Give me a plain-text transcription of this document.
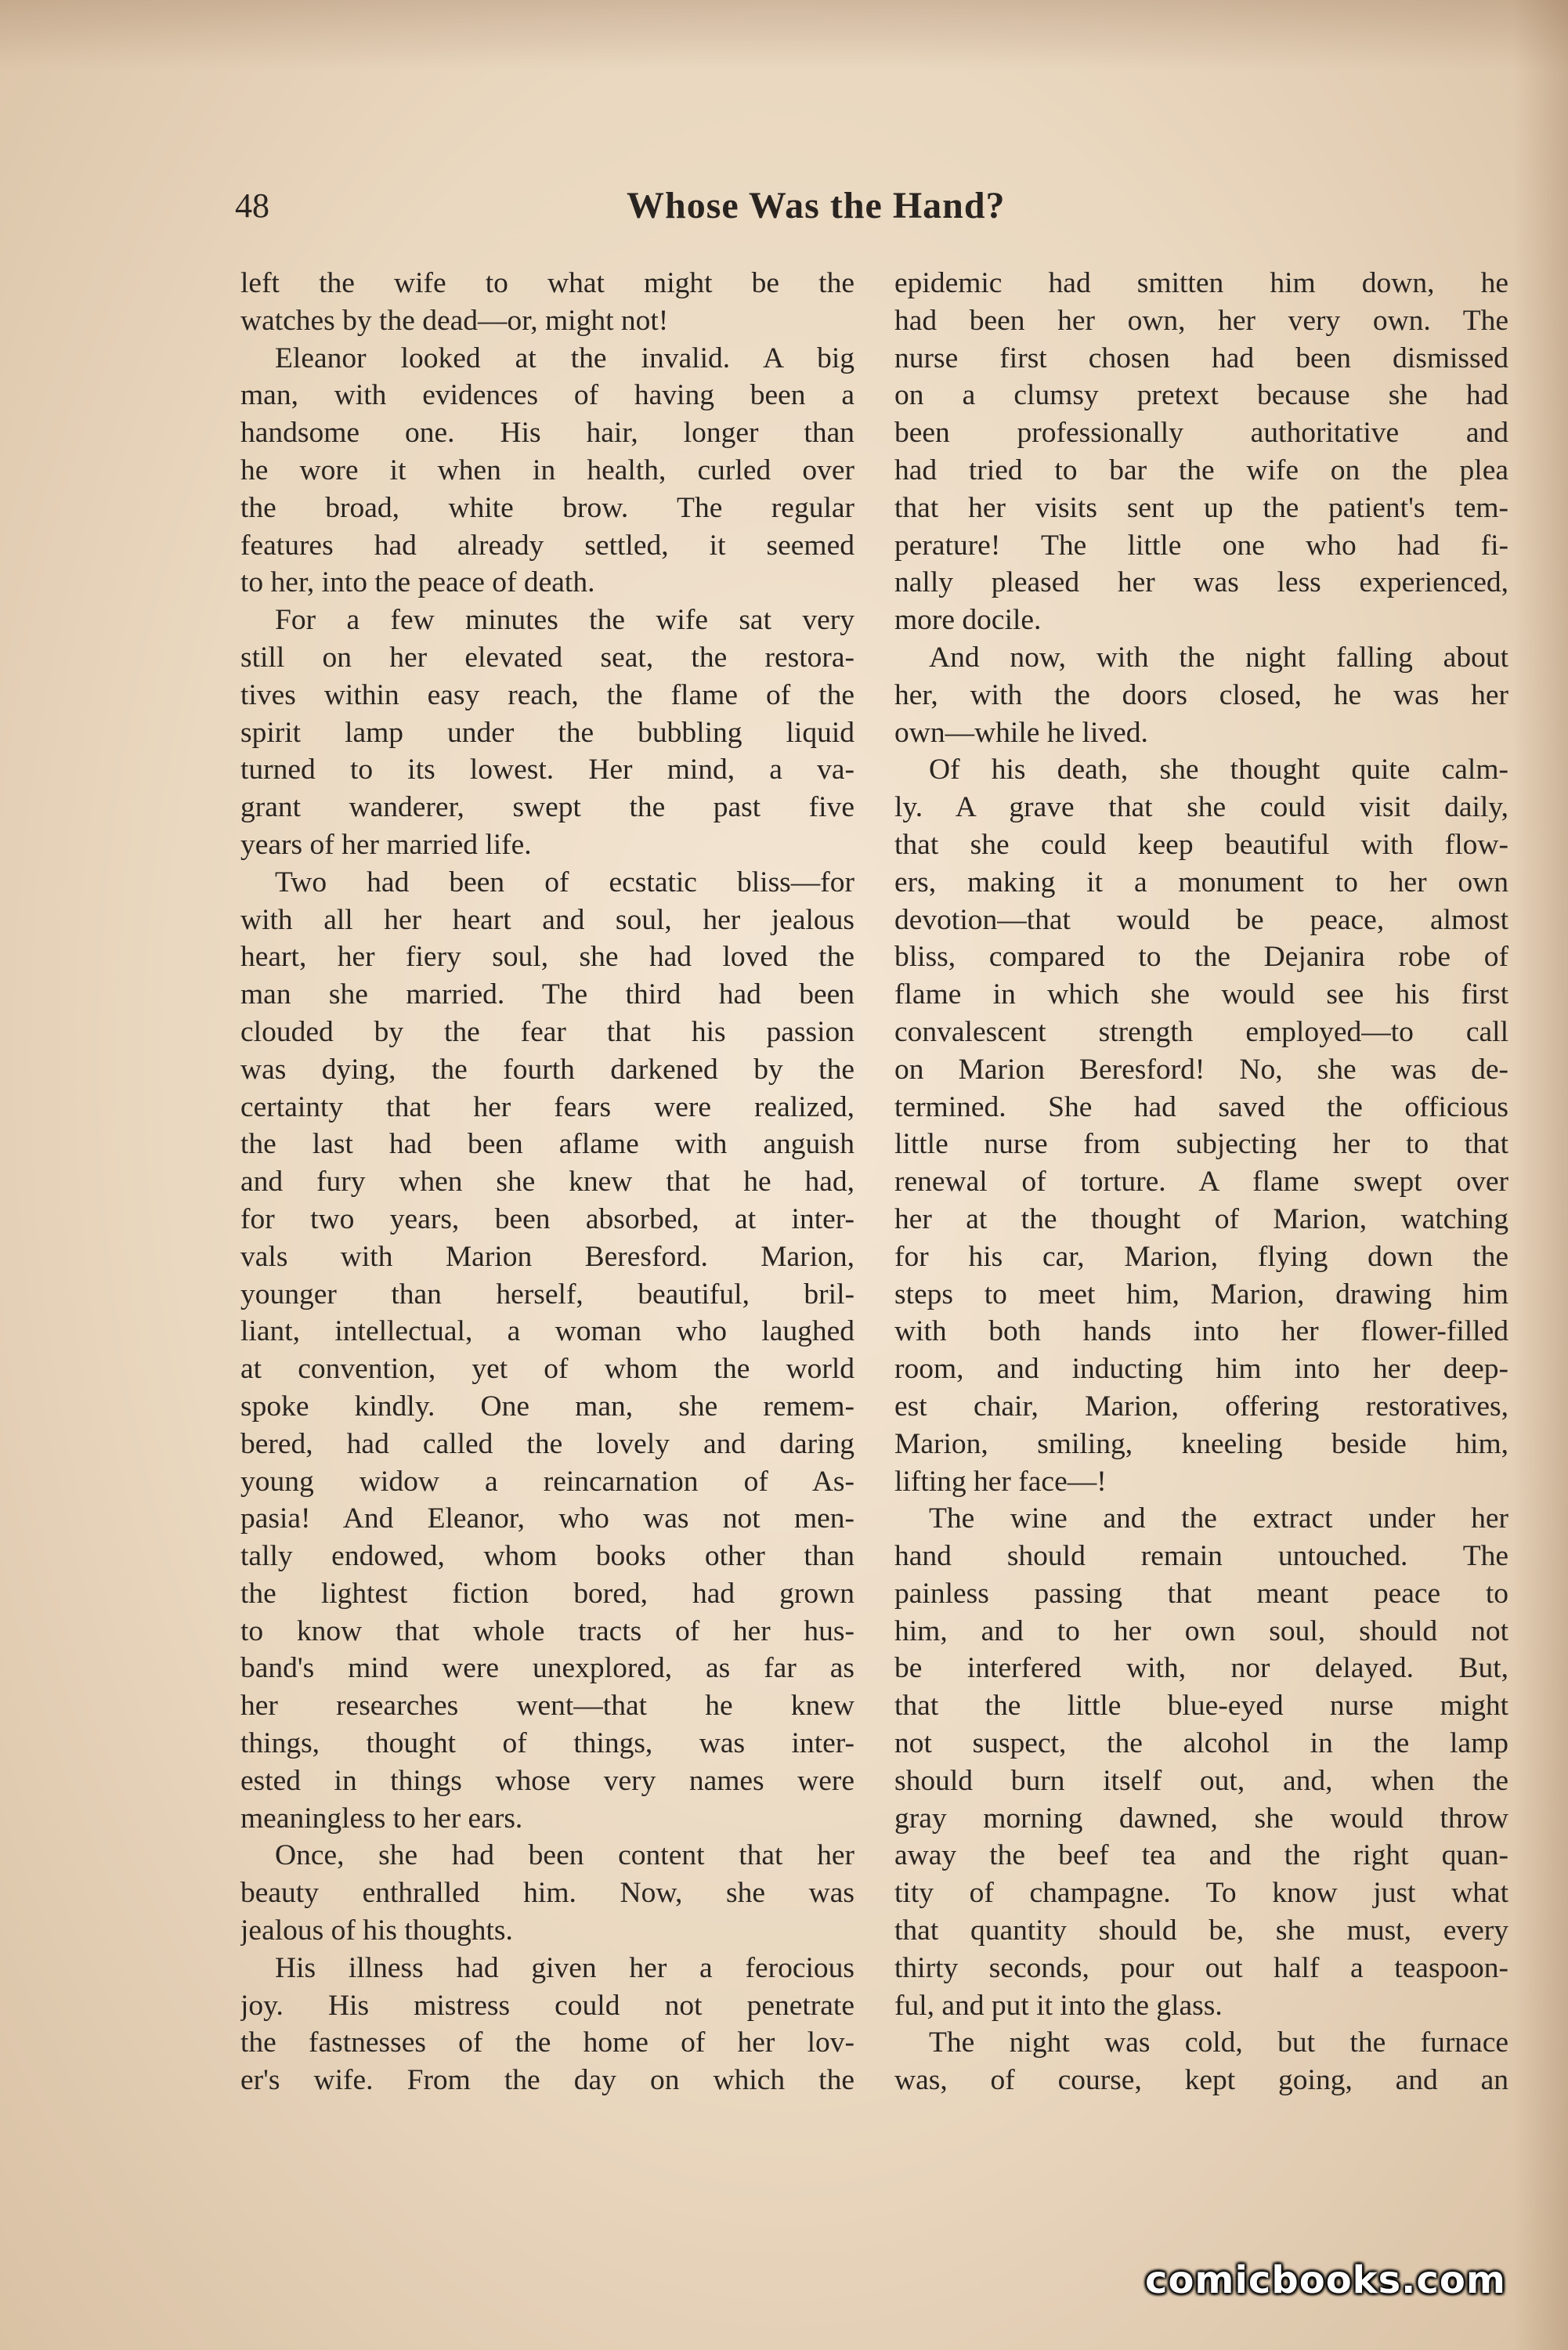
48	Whose Was the Hand?
left the wife to what might be the
watches by the dead—or, might not!
Eleanor looked at the invalid. A big
man, with evidences of having been a
handsome one. His hair, longer than
he wore it when in health, curled over
the broad, white brow. The regular
features had already settled, it seemed
to her, into the peace of death.
For a few minutes the wife sat very
still on her elevated seat, the restora-
tives within easy reach, the flame of the
spirit lamp under the bubbling liquid
turned to its lowest. Her mind, a va-
grant wanderer, swept the past five
years of her married life.
Two had been of ecstatic bliss—for
with all her heart and soul, her jealous
heart, her fiery soul, she had loved the
man she married. The third had been
clouded by the fear that his passion
was dying, the fourth darkened by the
certainty that her fears were realized,
the last had been aflame with anguish
and fury when she knew that he had,
for two years, been absorbed, at inter-
vals with Marion Beresford. Marion,
younger than herself, beautiful, bril-
liant, intellectual, a woman who laughed
at convention, yet of whom the world
spoke kindly. One man, she remem-
bered, had called the lovely and daring
young widow a reincarnation of As-
pasia! And Eleanor, who was not men-
tally endowed, whom books other than
the lightest fiction bored, had grown
to know that whole tracts of her hus-
band's mind were unexplored, as far as
her researches went—that he knew
things, thought of things, was inter-
ested in things whose very names were
meaningless to her ears.
Once, she had been content that her
beauty enthralled him. Now, she was
jealous of his thoughts.
His illness had given her a ferocious
joy. His mistress could not penetrate
the fastnesses of the home of her lov-
er's wife. From the day on which the
epidemic had smitten him down, he
had been her own, her very own. The
nurse first chosen had been dismissed
on a clumsy pretext because she had
been professionally authoritative and
had tried to bar the wife on the plea
that her visits sent up the patient's tem-
perature! The little one who had fi-
nally pleased her was less experienced,
more docile.
And now, with the night falling about
her, with the doors closed, he was her
own—while he lived.
Of his death, she thought quite calm-
ly. A grave that she could visit daily,
that she could keep beautiful with flow-
ers, making it a monument to her own
devotion—that would be peace, almost
bliss, compared to the Dejanira robe of
flame in which she would see his first
convalescent strength employed—to call
on Marion Beresford! No, she was de-
termined. She had saved the officious
little nurse from subjecting her to that
renewal of torture. A flame swept over
her at the thought of Marion, watching
for his car, Marion, flying down the
steps to meet him, Marion, drawing him
with both hands into her flower-filled
room, and inducting him into her deep-
est chair, Marion, offering restoratives,
Marion, smiling, kneeling beside him,
lifting her face—!
The wine and the extract under her
hand should remain untouched. The
painless passing that meant peace to
him, and to her own soul, should not
be interfered with, nor delayed. But,
that the little blue-eyed nurse might
not suspect, the alcohol in the lamp
should burn itself out, and, when the
gray morning dawned, she would throw
away the beef tea and the right quan-
tity of champagne. To know just what
that quantity should be, she must, every
thirty seconds, pour out half a teaspoon-
ful, and put it into the glass.
The night was cold, but the furnace
was, of course, kept going, and an
comicbooks.com
